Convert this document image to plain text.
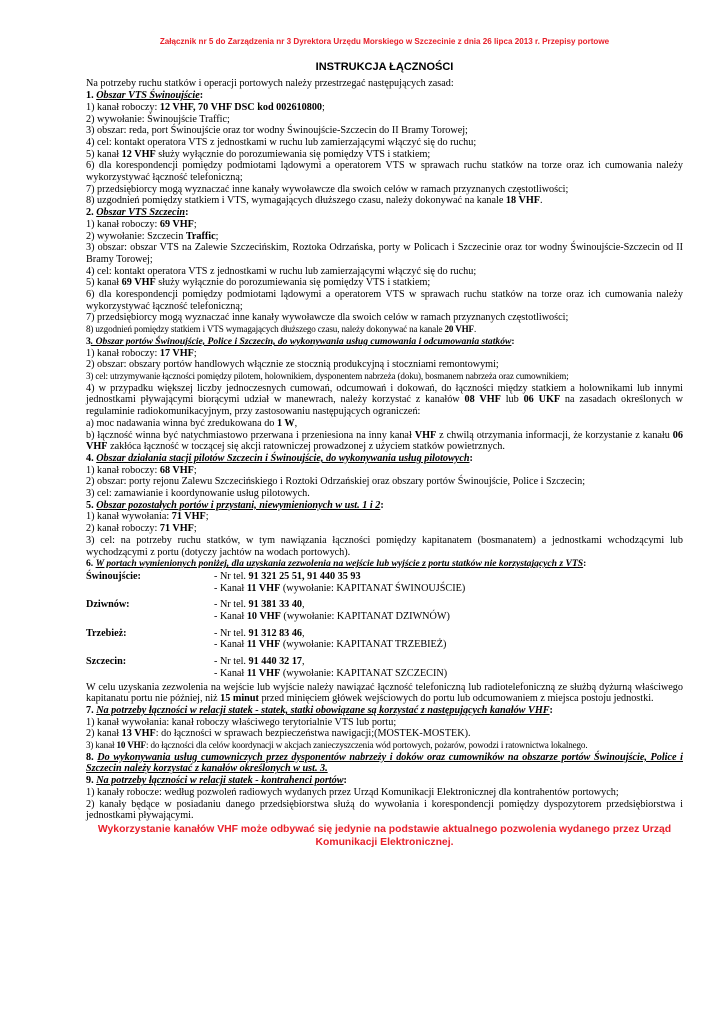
Załącznik nr 5 do Zarządzenia nr 3 Dyrektora Urzędu Morskiego w Szczecinie z dnia 26 lipca 2013 r. Przepisy portowe

INSTRUKCJA ŁĄCZNOŚCI

Na potrzeby ruchu statków i operacji portowych należy przestrzegać następujących zasad:

1. Obszar VTS Świnoujście:

1) kanał roboczy: 12 VHF, 70 VHF DSC kod 002610800;

2) wywołanie: Świnoujście Traffic;

3) obszar: reda, port Świnoujście oraz tor wodny Świnoujście-Szczecin do II Bramy Torowej;

4) cel: kontakt operatora VTS z jednostkami w ruchu lub zamierzającymi włączyć się do ruchu;

5) kanał 12 VHF służy wyłącznie do porozumiewania się pomiędzy VTS i statkiem;

6) dla korespondencji pomiędzy podmiotami lądowymi a operatorem VTS w sprawach ruchu statków na torze oraz ich cumowania należy wykorzystywać łączność telefoniczną;

7) przedsiębiorcy mogą wyznaczać inne kanały wywoławcze dla swoich celów w ramach przyznanych częstotliwości;

8) uzgodnień pomiędzy statkiem i VTS, wymagających dłuższego czasu, należy dokonywać na kanale 18 VHF.

2. Obszar VTS Szczecin:

1) kanał roboczy: 69 VHF;

2) wywołanie: Szczecin Traffic;

3) obszar: obszar VTS na Zalewie Szczecińskim, Roztoka Odrzańska, porty w Policach i Szczecinie oraz tor wodny Świnoujście-Szczecin od II Bramy Torowej;

4) cel: kontakt operatora VTS z jednostkami w ruchu lub zamierzającymi włączyć się do ruchu;

5) kanał 69 VHF służy wyłącznie do porozumiewania się pomiędzy VTS i statkiem;

6) dla korespondencji pomiędzy podmiotami lądowymi a operatorem VTS w sprawach ruchu statków na torze oraz ich cumowania należy wykorzystywać łączność telefoniczną;

7) przedsiębiorcy mogą wyznaczać inne kanały wywoławcze dla swoich celów w ramach przyznanych częstotliwości;

8) uzgodnień pomiędzy statkiem i VTS wymagających dłuższego czasu, należy dokonywać na kanale 20 VHF.

3. Obszar portów Świnoujście, Police i Szczecin, do wykonywania usług cumowania i odcumowania statków:

1) kanał roboczy: 17 VHF;

2) obszar: obszary portów handlowych włącznie ze stocznią produkcyjną i stoczniami remontowymi;

3) cel: utrzymywanie łączności pomiędzy pilotem, holownikiem, dysponentem nabrzeża (doku), bosmanem nabrzeża oraz cumownikiem;

4) w przypadku większej liczby jednoczesnych cumowań, odcumowań i dokowań, do łączności między statkiem a holownikami lub innymi jednostkami pływającymi biorącymi udział w manewrach, należy korzystać z kanałów 08 VHF lub 06 UKF na zasadach określonych w regulaminie radiokomunikacyjnym, przy zastosowaniu następujących ograniczeń:

a) moc nadawania winna być zredukowana do 1 W,

b) łączność winna być natychmiastowo przerwana i przeniesiona na inny kanał VHF z chwilą otrzymania informacji, że korzystanie z kanału 06 VHF zakłóca łączność w toczącej się akcji ratowniczej prowadzonej z użyciem statków powietrznych.

4. Obszar działania stacji pilotów Szczecin i Świnoujście, do wykonywania usług pilotowych:

1) kanał roboczy: 68 VHF;

2) obszar: porty rejonu Zalewu Szczecińskiego i Roztoki Odrzańskiej oraz obszary portów Świnoujście, Police i Szczecin;

3) cel: zamawianie i koordynowanie usług pilotowych.

5. Obszar pozostałych portów i przystani, niewymienionych w ust. 1 i 2:

1) kanał wywołania: 71 VHF;

2) kanał roboczy: 71 VHF;

3) cel: na potrzeby ruchu statków, w tym nawiązania łączności pomiędzy kapitanatem (bosmanatem) a jednostkami wchodzącymi lub wychodzącymi z portu (dotyczy jachtów na wodach portowych).

6. W portach wymienionych poniżej, dla uzyskania zezwolenia na wejście lub wyjście z portu statków nie korzystających z VTS:

Świnoujście:	- Nr tel. 91 321 25 51, 91 440 35 93
- Kanał 11 VHF (wywołanie: KAPITANAT ŚWINOUJŚCIE)
Dziwnów:	- Nr tel. 91 381 33 40,
- Kanał 10 VHF (wywołanie: KAPITANAT DZIWNÓW)
Trzebież:	- Nr tel. 91 312 83 46,
- Kanał 11 VHF (wywołanie: KAPITANAT TRZEBIEŻ)
Szczecin:	- Nr tel. 91 440 32 17,
- Kanał 11 VHF (wywołanie: KAPITANAT SZCZECIN)

W celu uzyskania zezwolenia na wejście lub wyjście należy nawiązać łączność telefoniczną lub radiotelefoniczną ze służbą dyżurną właściwego kapitanatu portu nie później, niż 15 minut przed minięciem główek wejściowych do portu lub odcumowaniem z miejsca postoju jednostki.

7. Na potrzeby łączności w relacji statek - statek, statki obowiązane są korzystać z następujących kanałów VHF:

1) kanał wywołania: kanał roboczy właściwego terytorialnie VTS lub portu;

2) kanał 13 VHF: do łączności w sprawach bezpieczeństwa nawigacji;(MOSTEK-MOSTEK).

3) kanał 10 VHF: do łączności dla celów koordynacji w akcjach zanieczyszczenia wód portowych, pożarów, powodzi i ratownictwa lokalnego.

8. Do wykonywania usług cumowniczych przez dysponentów nabrzeży i doków oraz cumowników na obszarze portów Świnoujście, Police i Szczecin należy korzystać z kanałów określonych w ust. 3.

9. Na potrzeby łączności w relacji statek - kontrahenci portów:

1) kanały robocze: według pozwoleń radiowych wydanych przez Urząd Komunikacji Elektronicznej dla kontrahentów portowych;

2) kanały będące w posiadaniu danego przedsiębiorstwa służą do wywołania i korespondencji pomiędzy dyspozytorem przedsiębiorstwa i jednostkami pływającymi.

Wykorzystanie kanałów VHF może odbywać się jedynie na podstawie aktualnego pozwolenia wydanego przez Urząd Komunikacji Elektronicznej.
